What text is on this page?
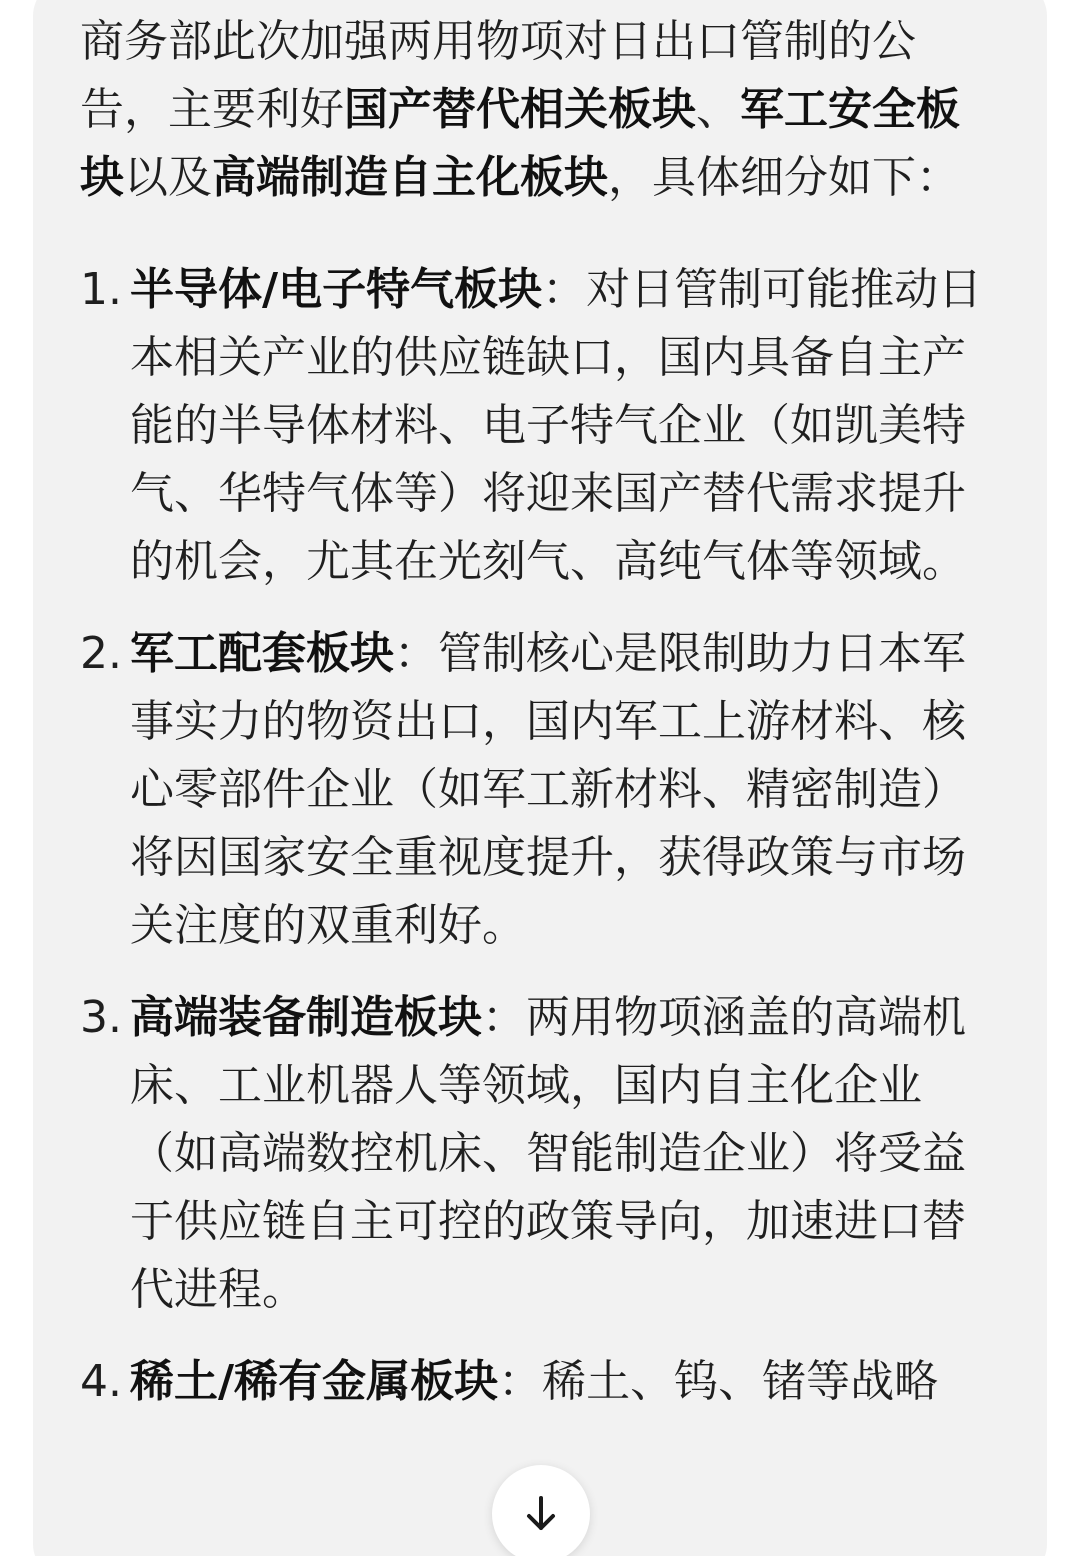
商务部此次加强两用物项对日出口管制的公告，主要利好国产替代相关板块、军工安全板块以及高端制造自主化板块，具体细分如下：

1. 半导体/电子特气板块：对日管制可能推动日本相关产业的供应链缺口，国内具备自主产能的半导体材料、电子特气企业（如凯美特气、华特气体等）将迎来国产替代需求提升的机会，尤其在光刻气、高纯气体等领域。
2. 军工配套板块：管制核心是限制助力日本军事实力的物资出口，国内军工上游材料、核心零部件企业（如军工新材料、精密制造）将因国家安全重视度提升，获得政策与市场关注度的双重利好。
3. 高端装备制造板块：两用物项涵盖的高端机床、工业机器人等领域，国内自主化企业（如高端数控机床、智能制造企业）将受益于供应链自主可控的政策导向，加速进口替代进程。
4. 稀土/稀有金属板块：稀土、钨、锗等战略
